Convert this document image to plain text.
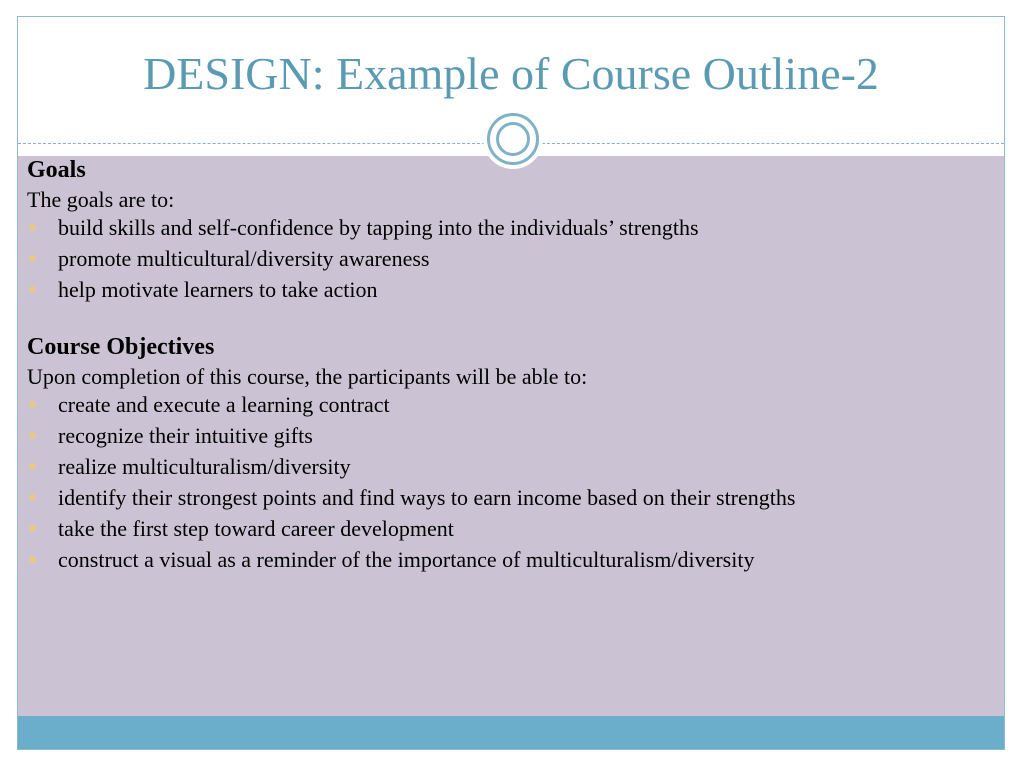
DESIGN: Example of Course Outline-2

Goals

The goals are to:

build skills and self-confidence by tapping into the individuals’ strengths
promote multicultural/diversity awareness
help motivate learners to take action

Course Objectives

Upon completion of this course, the participants will be able to:

create and execute a learning contract
recognize their intuitive gifts
realize multiculturalism/diversity
identify their strongest points and find ways to earn income based on their strengths
take the first step toward career development
construct a visual as a reminder of the importance of multiculturalism/diversity
